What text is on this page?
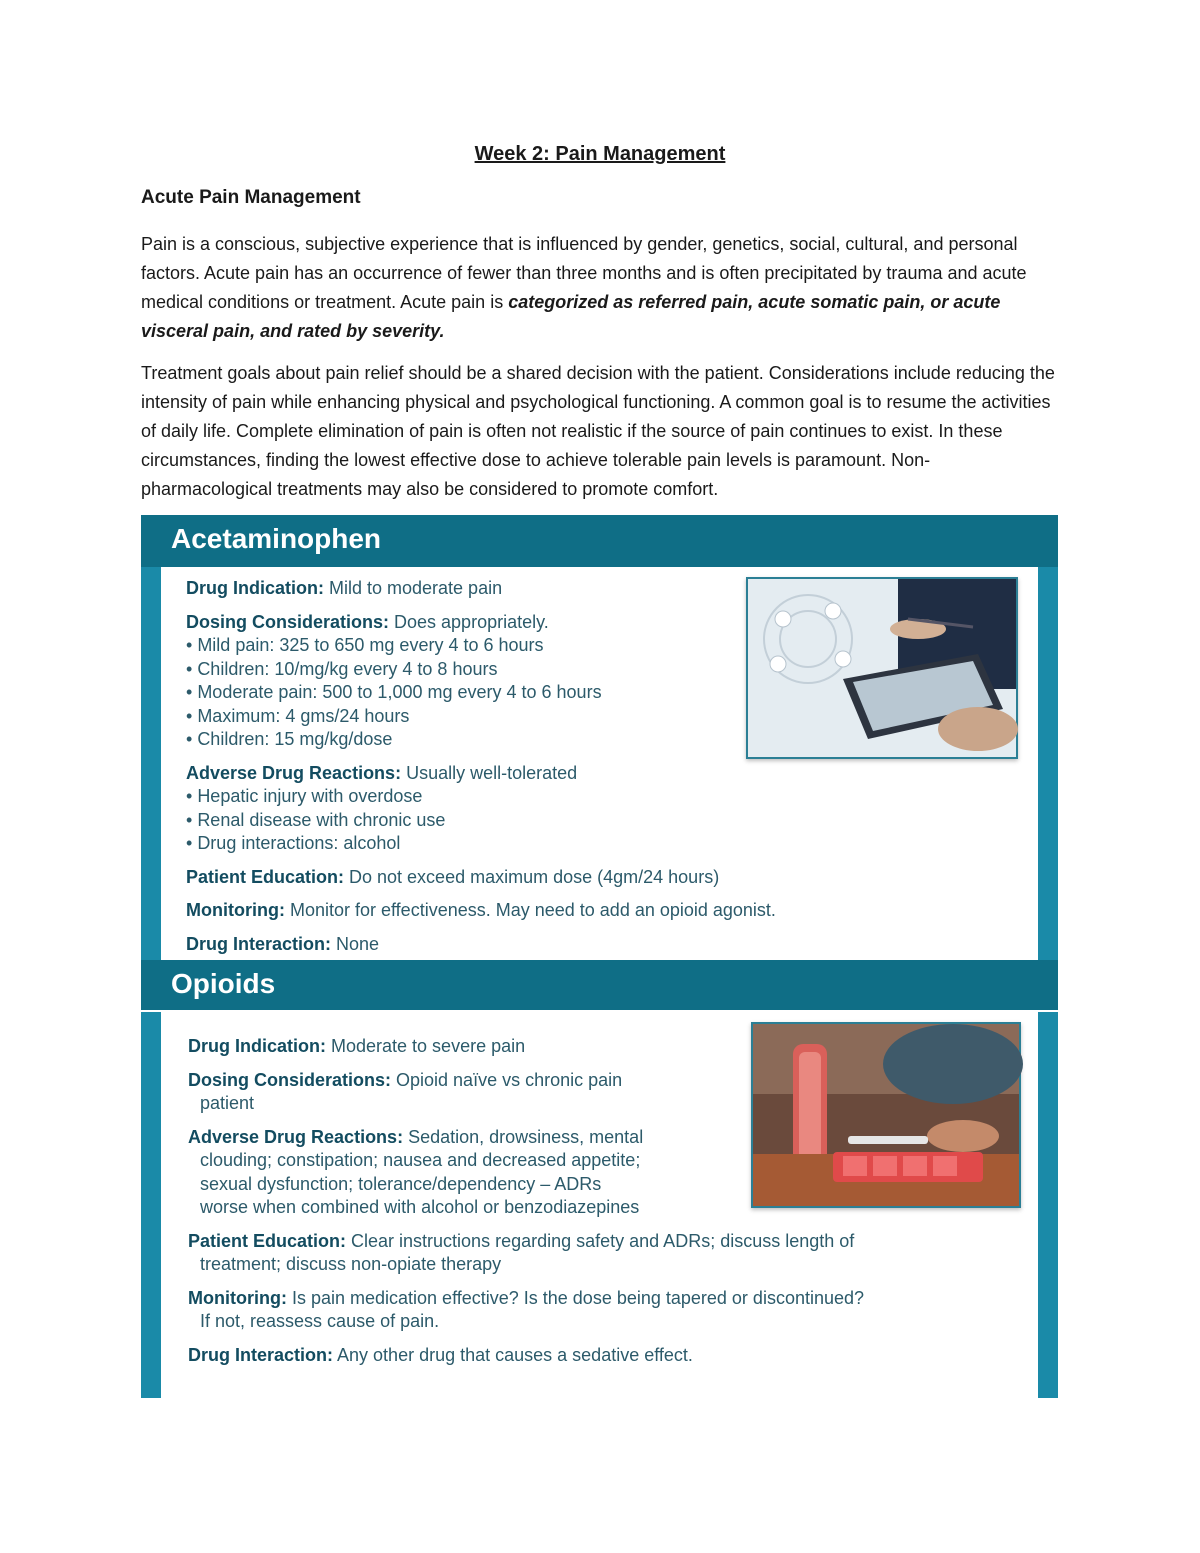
Week 2: Pain Management
Acute Pain Management

Pain is a conscious, subjective experience that is influenced by gender, genetics, social, cultural, and personal factors. Acute pain has an occurrence of fewer than three months and is often precipitated by trauma and acute medical conditions or treatment. Acute pain is categorized as referred pain, acute somatic pain, or acute visceral pain, and rated by severity.

Treatment goals about pain relief should be a shared decision with the patient. Considerations include reducing the intensity of pain while enhancing physical and psychological functioning. A common goal is to resume the activities of daily life. Complete elimination of pain is often not realistic if the source of pain continues to exist. In these circumstances, finding the lowest effective dose to achieve tolerable pain levels is paramount. Non-pharmacological treatments may also be considered to promote comfort.

Acetaminophen

Drug Indication: Mild to moderate pain

Dosing Considerations: Does appropriately.

• Mild pain: 325 to 650 mg every 4 to 6 hours

• Children: 10/mg/kg every 4 to 8 hours

• Moderate pain: 500 to 1,000 mg every 4 to 6 hours

• Maximum: 4 gms/24 hours

• Children: 15 mg/kg/dose

Adverse Drug Reactions: Usually well-tolerated

• Hepatic injury with overdose

• Renal disease with chronic use

• Drug interactions: alcohol

Patient Education: Do not exceed maximum dose (4gm/24 hours)

Monitoring: Monitor for effectiveness. May need to add an opioid agonist.

Drug Interaction: None

Opioids

Drug Indication: Moderate to severe pain

Dosing Considerations: Opioid naïve vs chronic pain

patient

Adverse Drug Reactions: Sedation, drowsiness, mental

clouding; constipation; nausea and decreased appetite;

sexual dysfunction; tolerance/dependency – ADRs

worse when combined with alcohol or benzodiazepines

Patient Education: Clear instructions regarding safety and ADRs; discuss length of

treatment; discuss non-opiate therapy

Monitoring: Is pain medication effective? Is the dose being tapered or discontinued?

If not, reassess cause of pain.

Drug Interaction: Any other drug that causes a sedative effect.
